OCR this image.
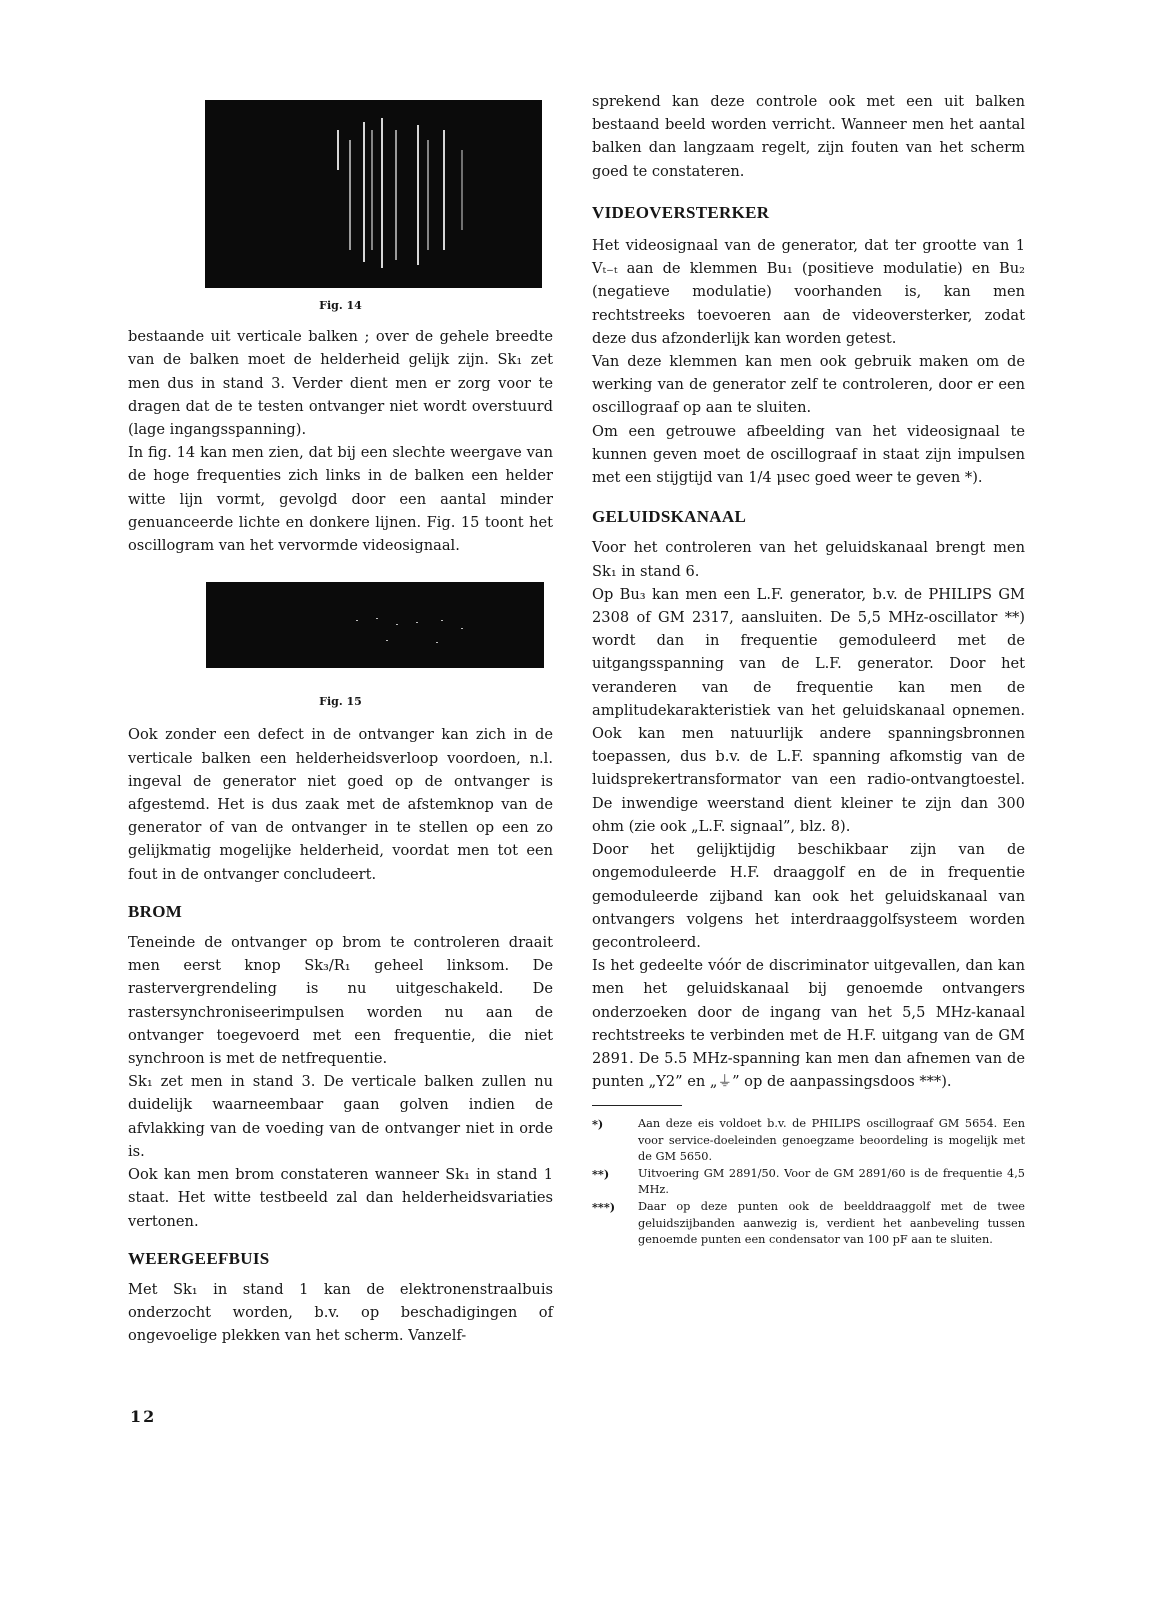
Fig. 14

bestaande uit verticale balken ; over de gehele breedte van de balken moet de helderheid gelijk zijn. Sk₁ zet men dus in stand 3. Verder dient men er zorg voor te dragen dat de te testen ontvanger niet wordt overstuurd (lage ingangsspanning).

In fig. 14 kan men zien, dat bij een slechte weergave van de hoge frequenties zich links in de balken een helder witte lijn vormt, gevolgd door een aantal minder genuanceerde lichte en donkere lijnen. Fig. 15 toont het oscillogram van het vervormde videosignaal.

Fig. 15

Ook zonder een defect in de ontvanger kan zich in de verticale balken een helderheidsverloop voordoen, n.l. ingeval de generator niet goed op de ontvanger is afgestemd. Het is dus zaak met de afstemknop van de generator of van de ontvanger in te stellen op een zo gelijkmatig mogelijke helderheid, voordat men tot een fout in de ontvanger concludeert.

BROM

Teneinde de ontvanger op brom te controleren draait men eerst knop Sk₃/R₁ geheel linksom. De rastervergrendeling is nu uitgeschakeld. De rastersynchroniseerimpulsen worden nu aan de ontvanger toegevoerd met een frequentie, die niet synchroon is met de netfrequentie.

Sk₁ zet men in stand 3. De verticale balken zullen nu duidelijk waarneembaar gaan golven indien de afvlakking van de voeding van de ontvanger niet in orde is.

Ook kan men brom constateren wanneer Sk₁ in stand 1 staat. Het witte testbeeld zal dan helderheidsvariaties vertonen.

WEERGEEFBUIS

Met Sk₁ in stand 1 kan de elektronenstraalbuis onderzocht worden, b.v. op beschadigingen of ongevoelige plekken van het scherm. Vanzelf-

sprekend kan deze controle ook met een uit balken bestaand beeld worden verricht. Wanneer men het aantal balken dan langzaam regelt, zijn fouten van het scherm goed te constateren.

VIDEOVERSTERKER

Het videosignaal van de generator, dat ter grootte van 1 Vₜ₋ₜ aan de klemmen Bu₁ (positieve modulatie) en Bu₂ (negatieve modulatie) voorhanden is, kan men rechtstreeks toevoeren aan de videoversterker, zodat deze dus afzonderlijk kan worden getest.

Van deze klemmen kan men ook gebruik maken om de werking van de generator zelf te controleren, door er een oscillograaf op aan te sluiten.

Om een getrouwe afbeelding van het videosignaal te kunnen geven moet de oscillograaf in staat zijn impulsen met een stijgtijd van 1/4 μsec goed weer te geven *).

GELUIDSKANAAL

Voor het controleren van het geluidskanaal brengt men Sk₁ in stand 6.

Op Bu₃ kan men een L.F. generator, b.v. de PHILIPS GM 2308 of GM 2317, aansluiten. De 5,5 MHz-oscillator **) wordt dan in frequentie gemoduleerd met de uitgangsspanning van de L.F. generator. Door het veranderen van de frequentie kan men de amplitudekarakteristiek van het geluidskanaal opnemen. Ook kan men natuurlijk andere spanningsbronnen toepassen, dus b.v. de L.F. spanning afkomstig van de luidsprekertransformator van een radio-ontvangtoestel. De inwendige weerstand dient kleiner te zijn dan 300 ohm (zie ook „L.F. signaal”, blz. 8).

Door het gelijktijdig beschikbaar zijn van de ongemoduleerde H.F. draaggolf en de in frequentie gemoduleerde zijband kan ook het geluidskanaal van ontvangers volgens het interdraaggolfsysteem worden gecontroleerd.

Is het gedeelte vóór de discriminator uitgevallen, dan kan men het geluidskanaal bij genoemde ontvangers onderzoeken door de ingang van het 5,5 MHz-kanaal rechtstreeks te verbinden met de H.F. uitgang van de GM 2891. De 5.5 MHz-spanning kan men dan afnemen van de punten „Υ2” en „⏚” op de aanpassingsdoos ***).

*)	Aan deze eis voldoet b.v. de PHILIPS oscillograaf GM 5654. Een voor service-doeleinden genoegzame beoordeling is mogelijk met de GM 5650.
**)	Uitvoering GM 2891/50. Voor de GM 2891/60 is de frequentie 4,5 MHz.
***)	Daar op deze punten ook de beelddraaggolf met de twee geluidszijbanden aanwezig is, verdient het aanbeveling tussen genoemde punten een condensator van 100 pF aan te sluiten.
12
